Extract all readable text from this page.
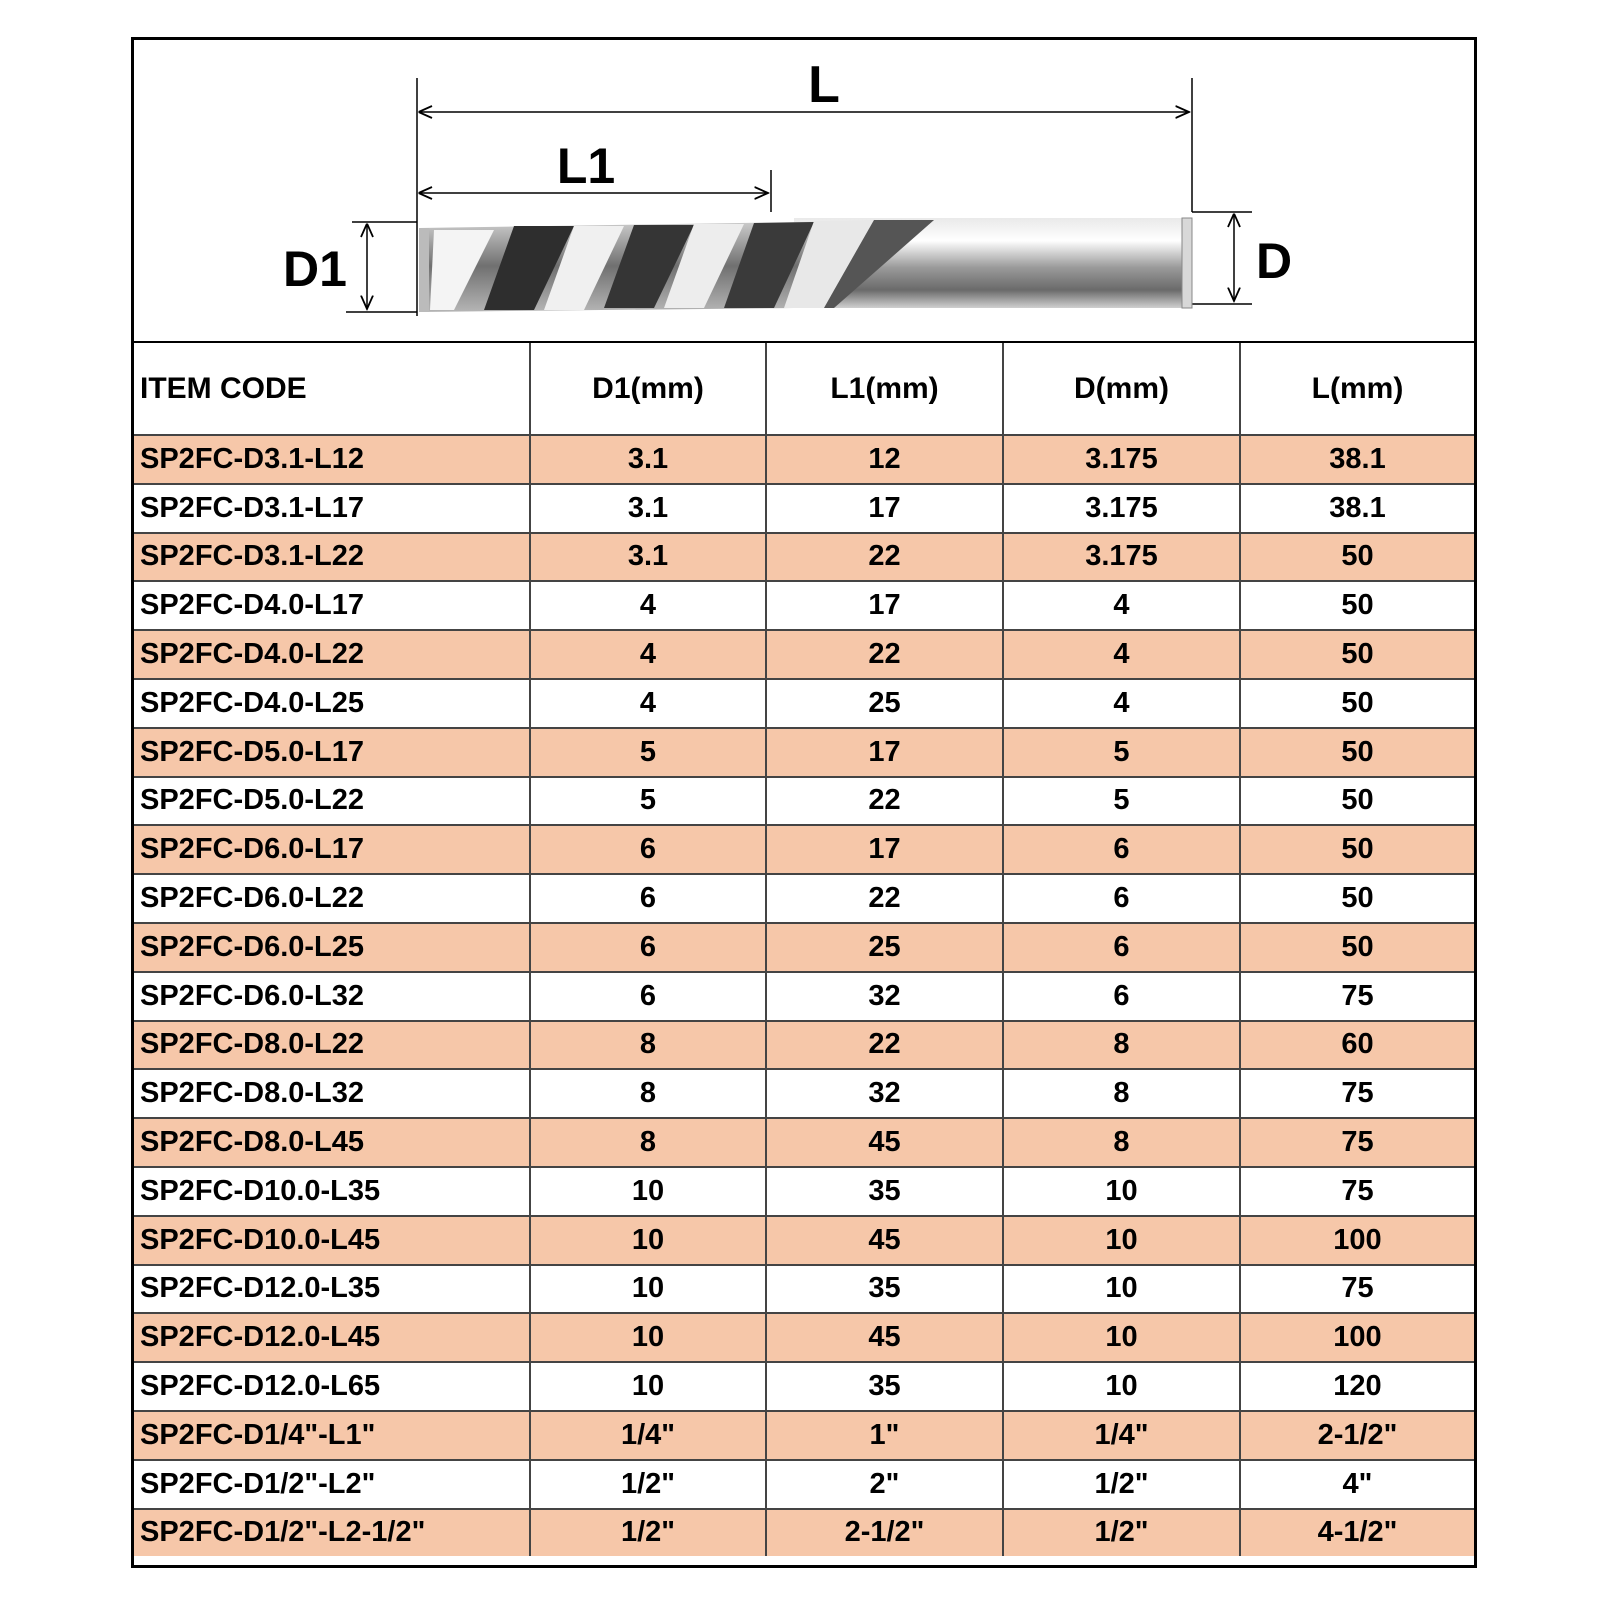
L
L1
D1	D
ITEM CODE	D1(mm)	L1(mm)	D(mm)	L(mm)
SP2FC-D3.1-L12	3.1	12	3.175	38.1
SP2FC-D3.1-L17	3.1	17	3.175	38.1
SP2FC-D3.1-L22	3.1	22	3.175	50
SP2FC-D4.0-L17	4	17	4	50
SP2FC-D4.0-L22	4	22	4	50
SP2FC-D4.0-L25	4	25	4	50
SP2FC-D5.0-L17	5	17	5	50
SP2FC-D5.0-L22	5	22	5	50
SP2FC-D6.0-L17	6	17	6	50
SP2FC-D6.0-L22	6	22	6	50
SP2FC-D6.0-L25	6	25	6	50
SP2FC-D6.0-L32	6	32	6	75
SP2FC-D8.0-L22	8	22	8	60
SP2FC-D8.0-L32	8	32	8	75
SP2FC-D8.0-L45	8	45	8	75
SP2FC-D10.0-L35	10	35	10	75
SP2FC-D10.0-L45	10	45	10	100
SP2FC-D12.0-L35	10	35	10	75
SP2FC-D12.0-L45	10	45	10	100
SP2FC-D12.0-L65	10	35	10	120
SP2FC-D1/4"-L1"	1/4"	1"	1/4"	2-1/2"
SP2FC-D1/2"-L2"	1/2"	2"	1/2"	4"
SP2FC-D1/2"-L2-1/2"	1/2"	2-1/2"	1/2"	4-1/2"
